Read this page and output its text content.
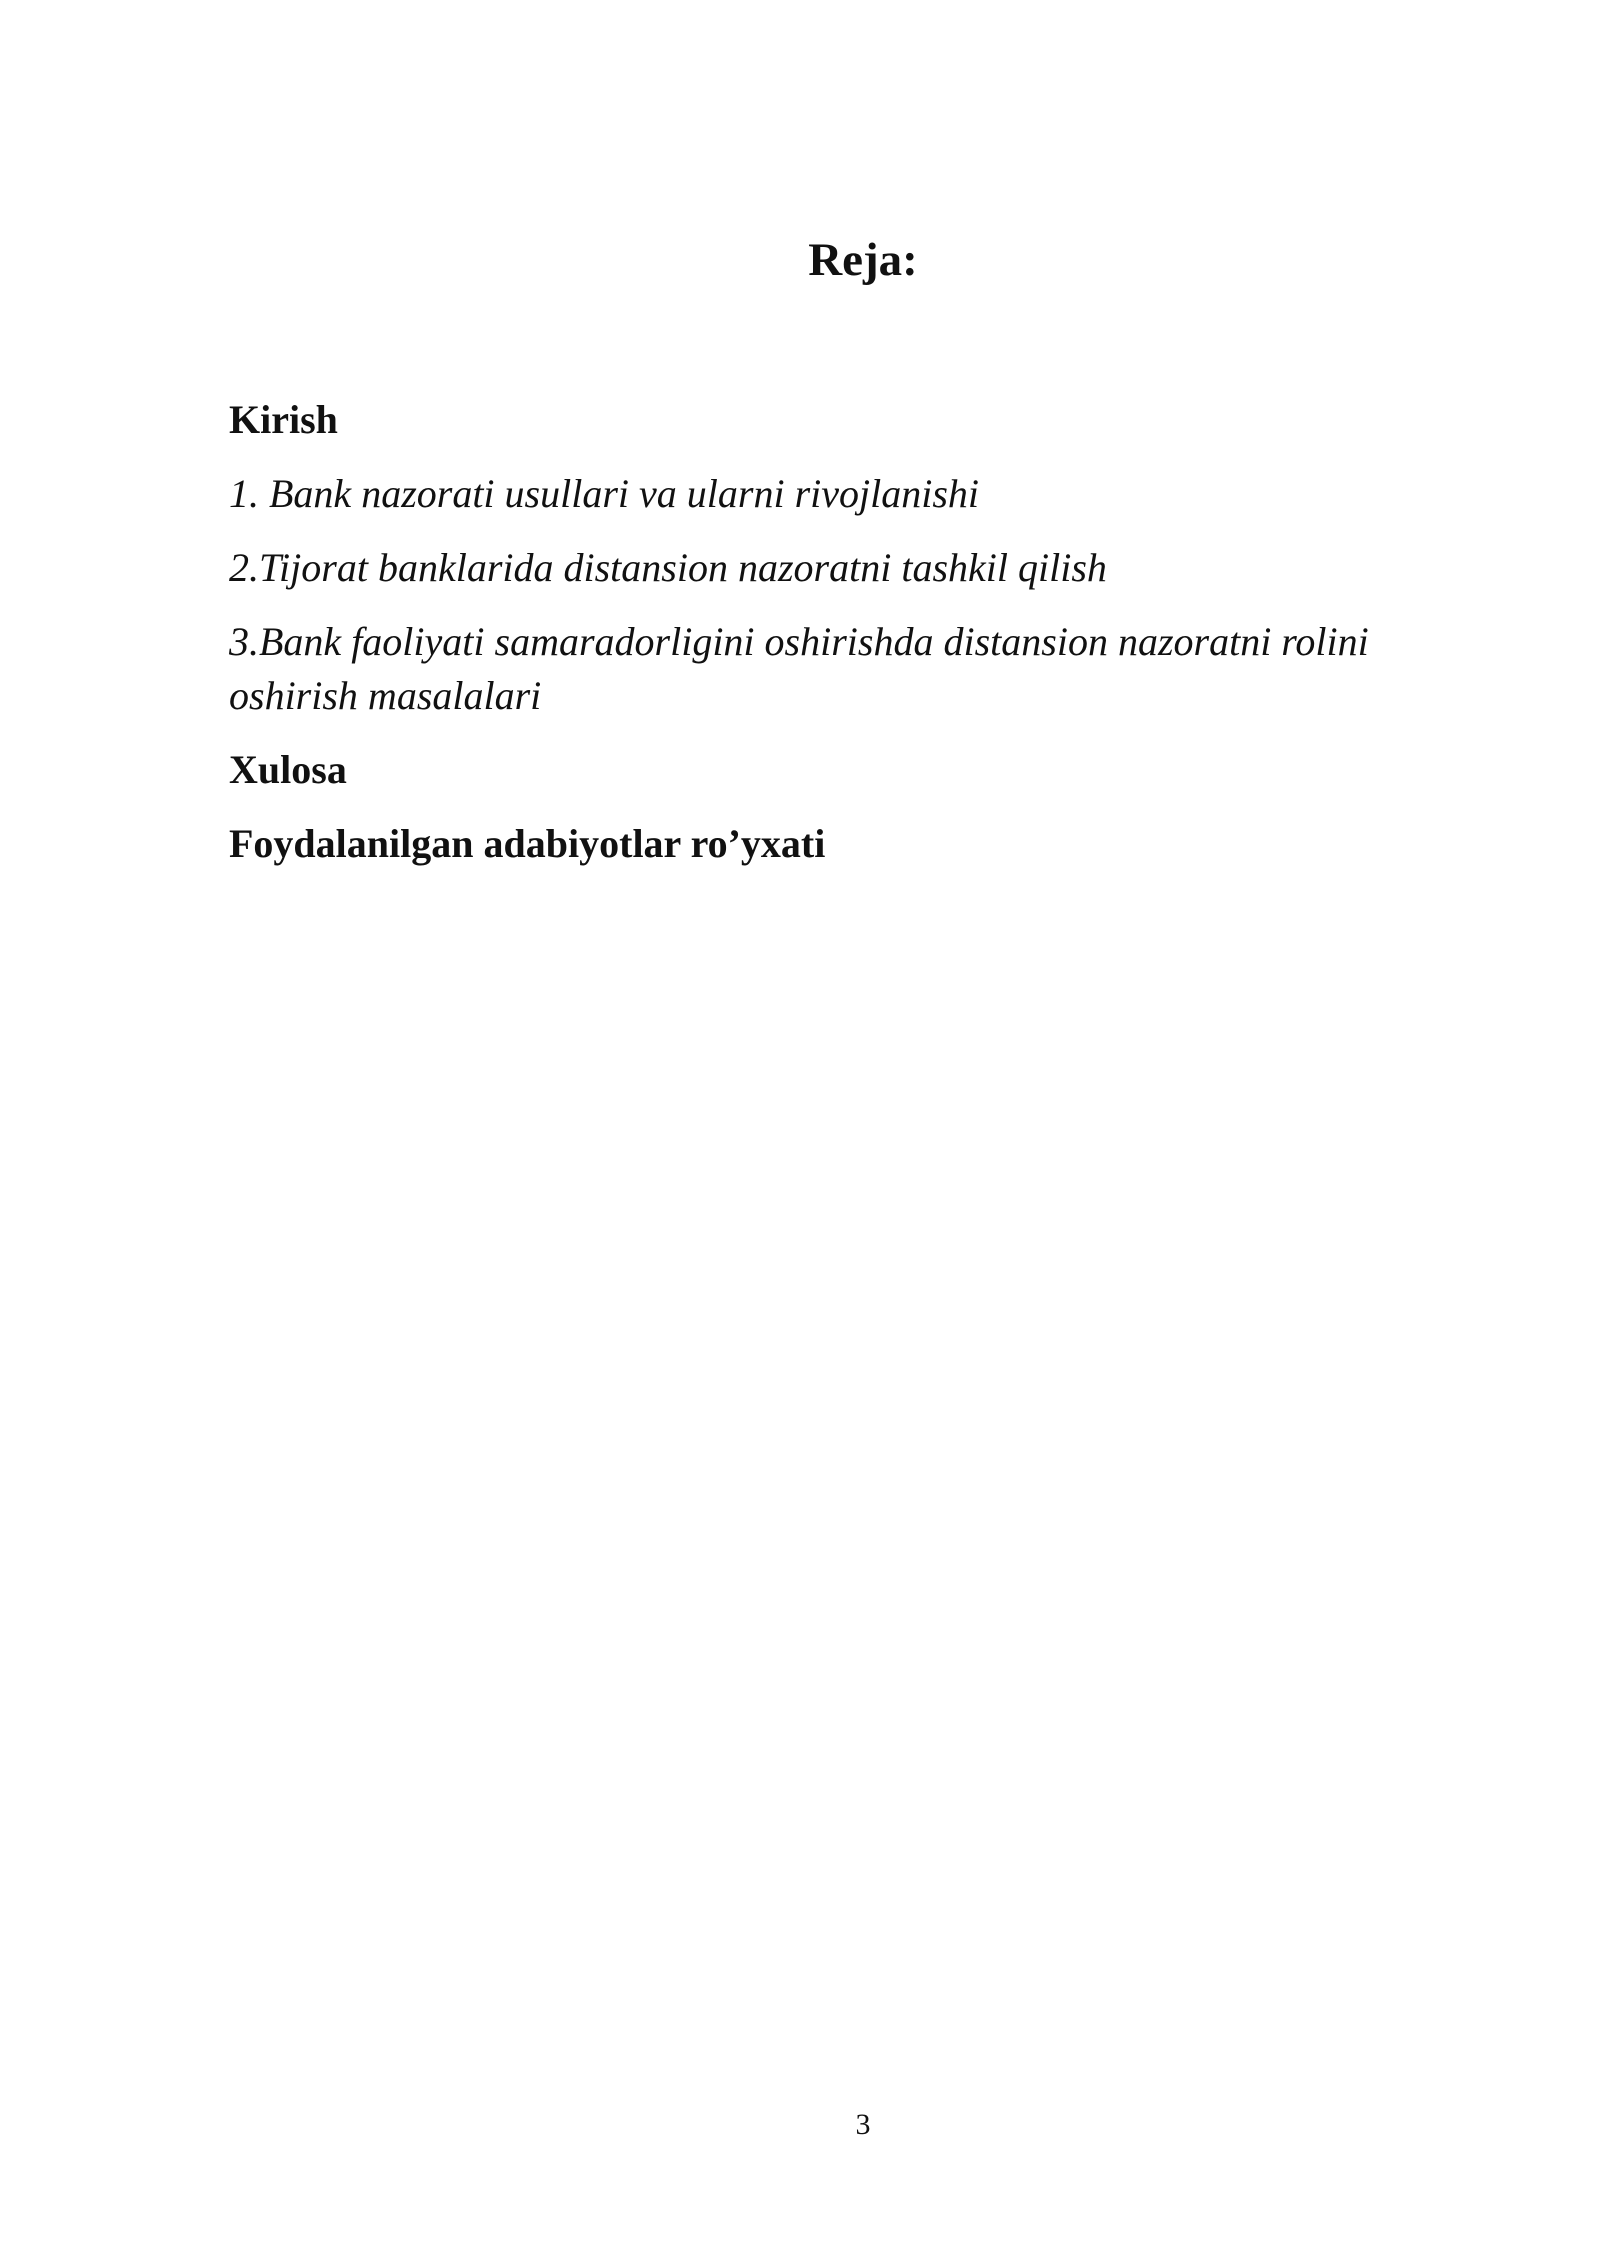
Reja:
Kirish
1. Bank nazorati usullari va ularni rivojlanishi
2.Tijorat banklarida distansion nazoratni tashkil qilish
3.Bank faoliyati samaradorligini oshirishda distansion nazoratni rolini oshirish masalalari
Xulosa
Foydalanilgan adabiyotlar ro’yxati
3
